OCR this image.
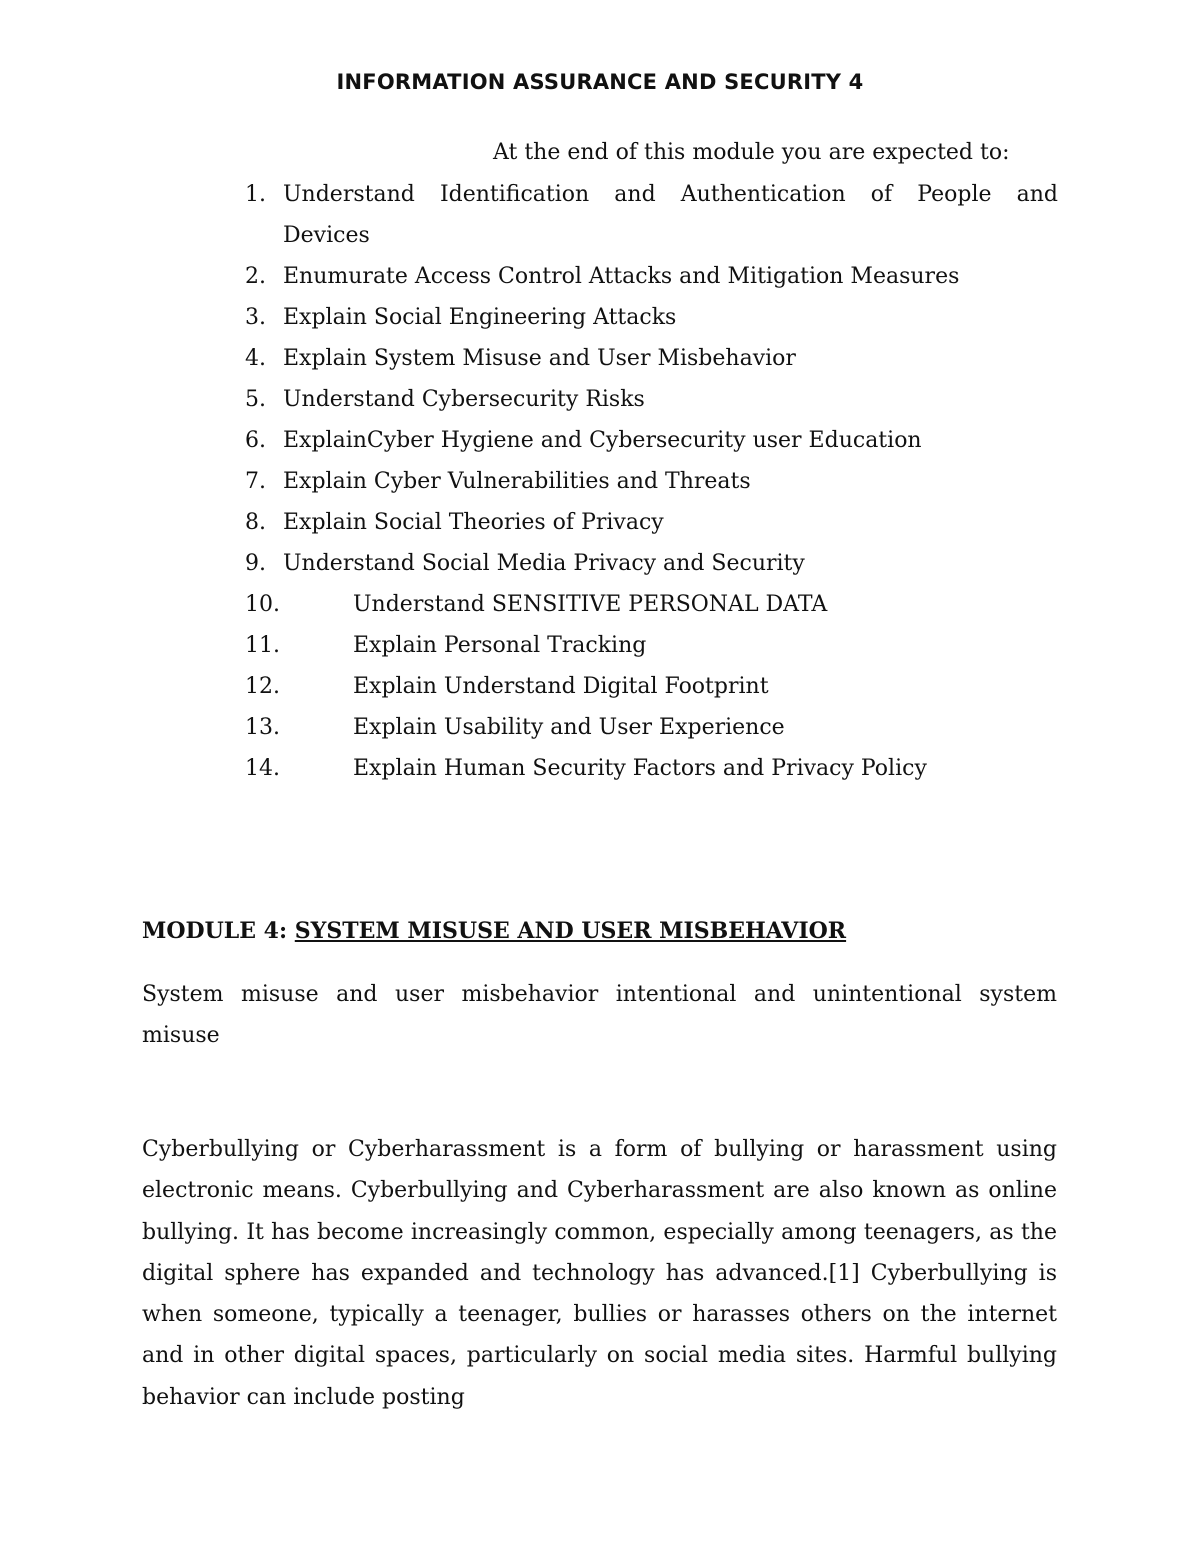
INFORMATION ASSURANCE AND SECURITY 4
At the end of this module you are expected to:
1. Understand Identification and Authentication of People and
Devices
2. Enumurate Access Control Attacks and Mitigation Measures
3. Explain Social Engineering Attacks
4. Explain System Misuse and User Misbehavior
5. Understand Cybersecurity Risks
6. ExplainCyber Hygiene and Cybersecurity user Education
7. Explain Cyber Vulnerabilities and Threats
8. Explain Social Theories of Privacy
9. Understand Social Media Privacy and Security
10.	Understand SENSITIVE PERSONAL DATA
11.	Explain Personal Tracking
12.	Explain Understand Digital Footprint
13.	Explain Usability and User Experience
14.	Explain Human Security Factors and Privacy Policy
MODULE 4: SYSTEM MISUSE AND USER MISBEHAVIOR

System misuse and user misbehavior intentional and unintentional system misuse

Cyberbullying or Cyberharassment is a form of bullying or harassment using electronic means. Cyberbullying and Cyberharassment are also known as online bullying. It has become increasingly common, especially among teenagers, as the digital sphere has expanded and technology has advanced.[1] Cyberbullying is when someone, typically a teenager, bullies or harasses others on the internet and in other digital spaces, particularly on social media sites. Harmful bullying behavior can include posting
